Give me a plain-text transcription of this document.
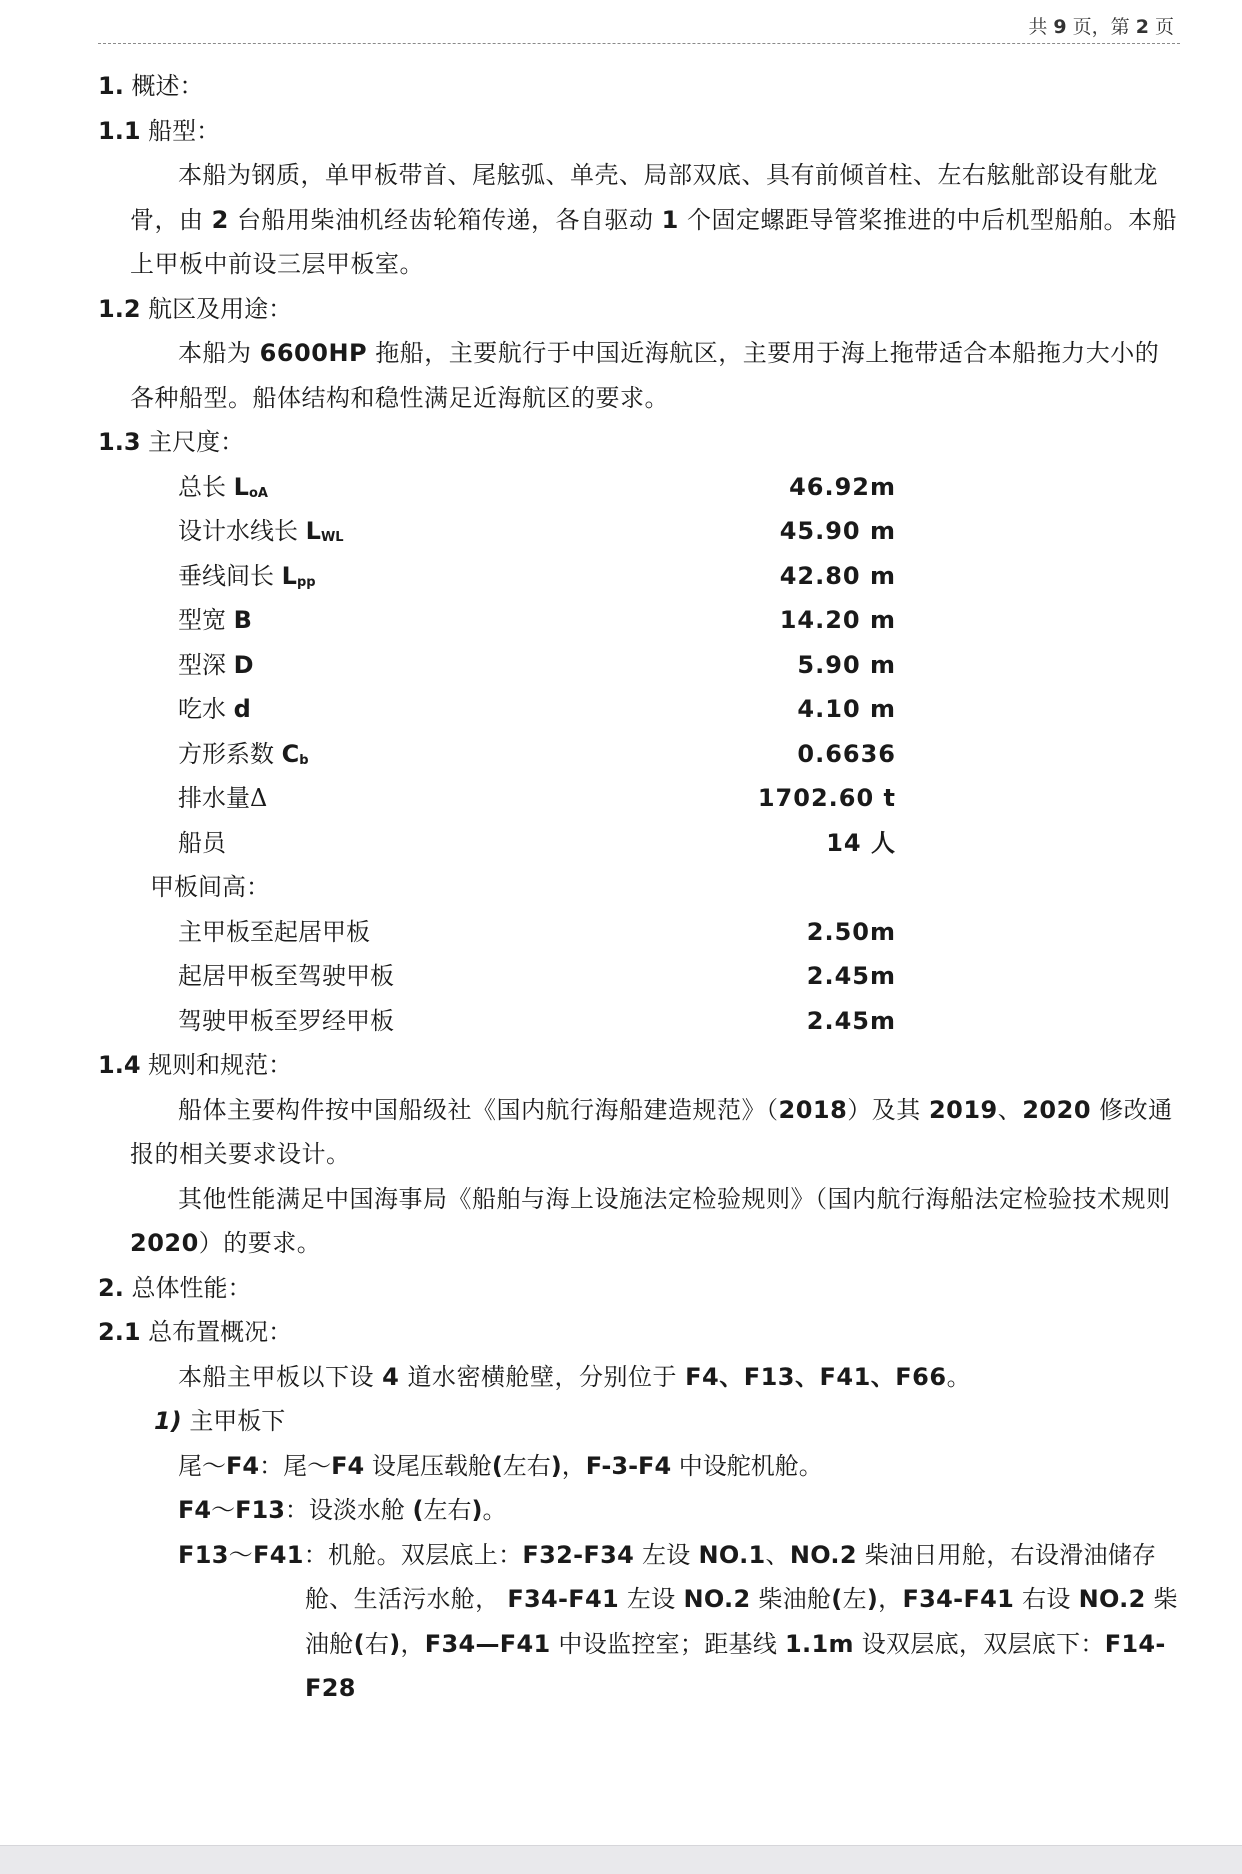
共 9 页，第 2 页

1. 概述：

1.1 船型：

本船为钢质，单甲板带首、尾舷弧、单壳、局部双底、具有前倾首柱、左右舷舭部设有舭龙骨，由 2 台船用柴油机经齿轮箱传递，各自驱动 1 个固定螺距导管桨推进的中后机型船舶。本船上甲板中前设三层甲板室。

1.2 航区及用途：

本船为 6600HP 拖船，主要航行于中国近海航区，主要用于海上拖带适合本船拖力大小的各种船型。船体结构和稳性满足近海航区的要求。

1.3 主尺度：

总长 LoA	46.92m
设计水线长 LWL	45.90 m
垂线间长 Lpp	42.80 m
型宽 B	14.20 m
型深 D	5.90 m
吃水 d	4.10 m
方形系数 Cb	0.6636
排水量Δ	1702.60 t
船员	14 人

甲板间高：

主甲板至起居甲板	2.50m
起居甲板至驾驶甲板	2.45m
驾驶甲板至罗经甲板	2.45m

1.4 规则和规范：

船体主要构件按中国船级社《国内航行海船建造规范》（2018）及其 2019、2020 修改通报的相关要求设计。

其他性能满足中国海事局《船舶与海上设施法定检验规则》（国内航行海船法定检验技术规则 2020）的要求。

2. 总体性能：

2.1 总布置概况：

本船主甲板以下设 4 道水密横舱壁，分别位于 F4、F13、F41、F66。

1) 主甲板下

尾～F4：尾～F4 设尾压载舱(左右)，F-3-F4 中设舵机舱。

F4～F13：设淡水舱 (左右)。

F13～F41：机舱。双层底上：F32-F34 左设 NO.1、NO.2 柴油日用舱，右设滑油储存舱、生活污水舱， F34-F41 左设 NO.2 柴油舱(左)，F34-F41 右设 NO.2 柴油舱(右)，F34—F41 中设监控室；距基线 1.1m 设双层底，双层底下：F14-F28
